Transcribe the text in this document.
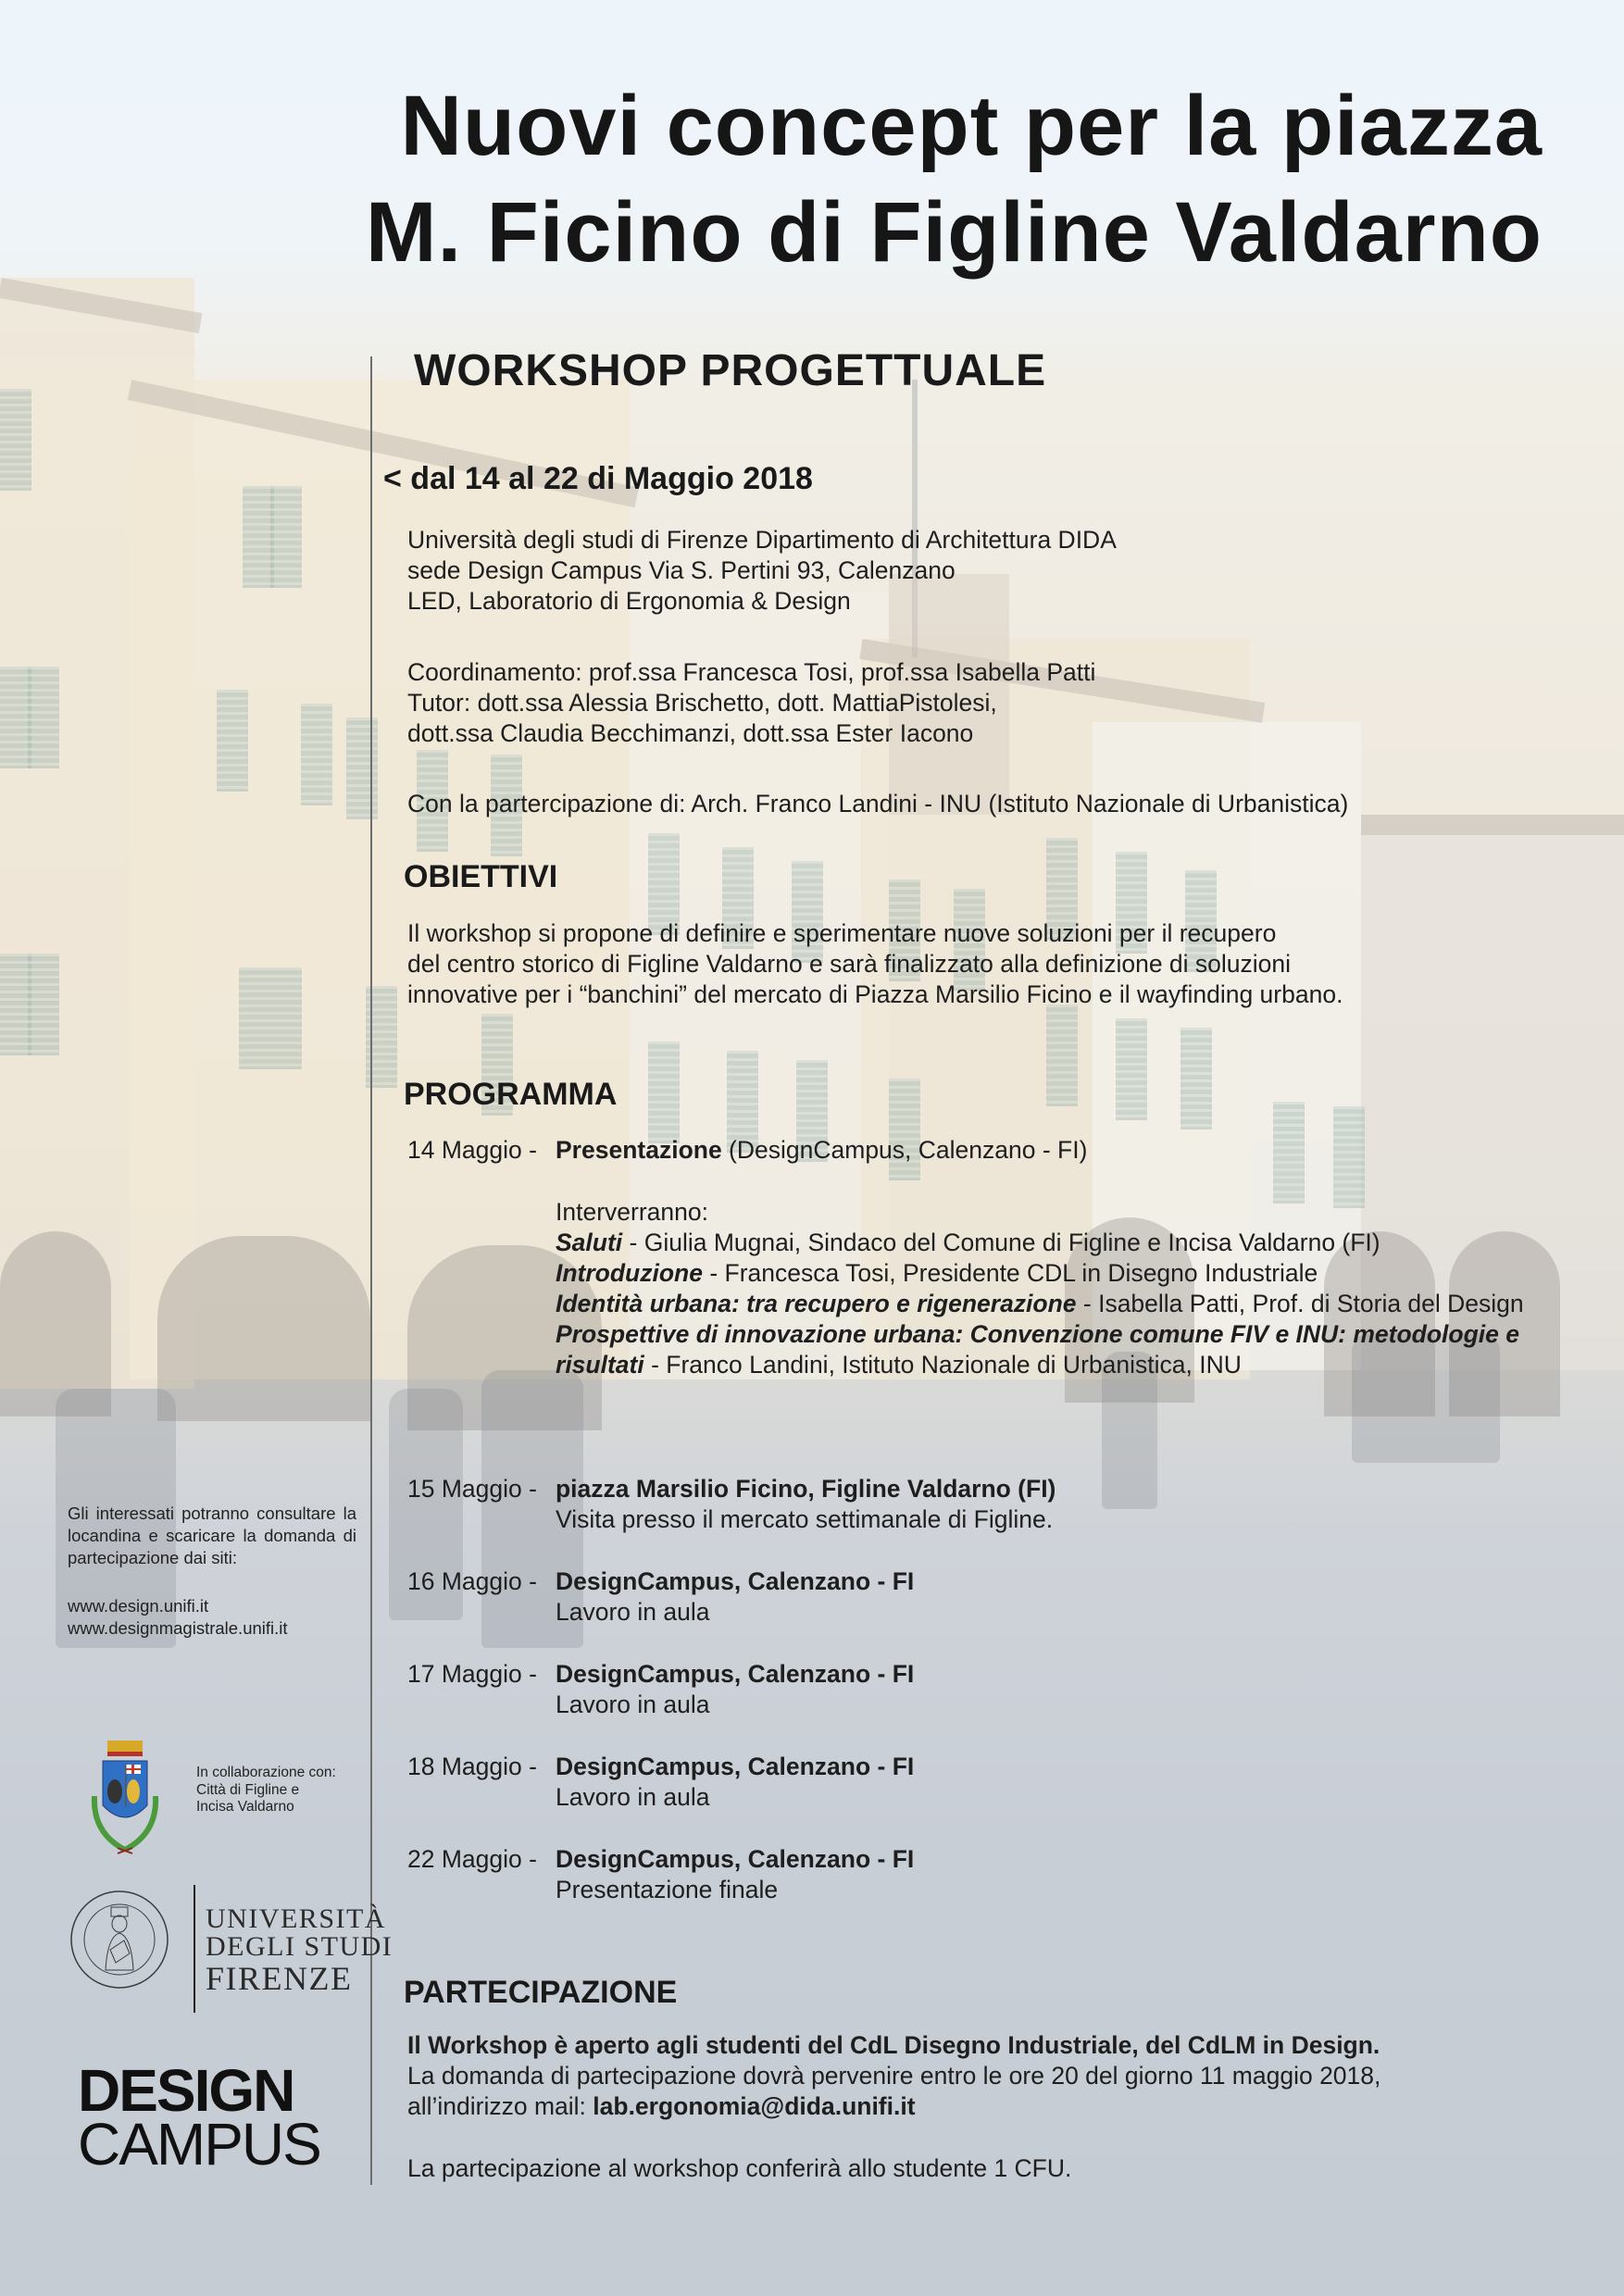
Nuovi concept per la piazza
M. Ficino di Figline Valdarno
WORKSHOP PROGETTUALE
< dal 14 al 22 di Maggio 2018
Università degli studi di Firenze Dipartimento di Architettura DIDA
sede Design Campus Via S. Pertini 93, Calenzano
LED, Laboratorio di Ergonomia & Design
Coordinamento: prof.ssa Francesca Tosi, prof.ssa Isabella Patti
Tutor: dott.ssa Alessia Brischetto, dott. MattiaPistolesi,
dott.ssa Claudia Becchimanzi, dott.ssa Ester Iacono
Con la partercipazione di: Arch. Franco Landini - INU (Istituto Nazionale di Urbanistica)
OBIETTIVI
Il workshop si propone di definire e sperimentare nuove soluzioni per il recupero
del centro storico di Figline Valdarno e sarà finalizzato alla definizione di soluzioni
innovative per i “banchini” del mercato di Piazza Marsilio Ficino e il wayfinding urbano.
PROGRAMMA
14 Maggio - Presentazione (DesignCampus, Calenzano - FI)
Interverranno:
Saluti - Giulia Mugnai, Sindaco del Comune di Figline e Incisa Valdarno (FI)
Introduzione - Francesca Tosi, Presidente CDL in Disegno Industriale
Identità urbana: tra recupero e rigenerazione - Isabella Patti, Prof. di Storia del Design
Prospettive di innovazione urbana: Convenzione comune FIV e INU: metodologie e risultati - Franco Landini, Istituto Nazionale di Urbanistica, INU
15 Maggio - piazza Marsilio Ficino, Figline Valdarno (FI)
Visita presso il mercato settimanale di Figline.
16 Maggio - DesignCampus, Calenzano - FI
Lavoro in aula
17 Maggio - DesignCampus, Calenzano - FI
Lavoro in aula
18 Maggio - DesignCampus, Calenzano - FI
Lavoro in aula
22 Maggio - DesignCampus, Calenzano - FI
Presentazione finale
PARTECIPAZIONE
Il Workshop è aperto agli studenti del CdL Disegno Industriale, del CdLM in Design.
La domanda di partecipazione dovrà pervenire entro le ore 20 del giorno 11 maggio 2018,
all’indirizzo mail: lab.ergonomia@dida.unifi.it
La partecipazione al workshop conferirà allo studente 1 CFU.
Gli interessati potranno consultare la locandina e scaricare la domanda di partecipazione dai siti:
www.design.unifi.it
www.designmagistrale.unifi.it
In collaborazione con:
Città di Figline e
Incisa Valdarno
UNIVERSITÀ
DEGLI STUDI
FIRENZE
DESIGN
CAMPUS
